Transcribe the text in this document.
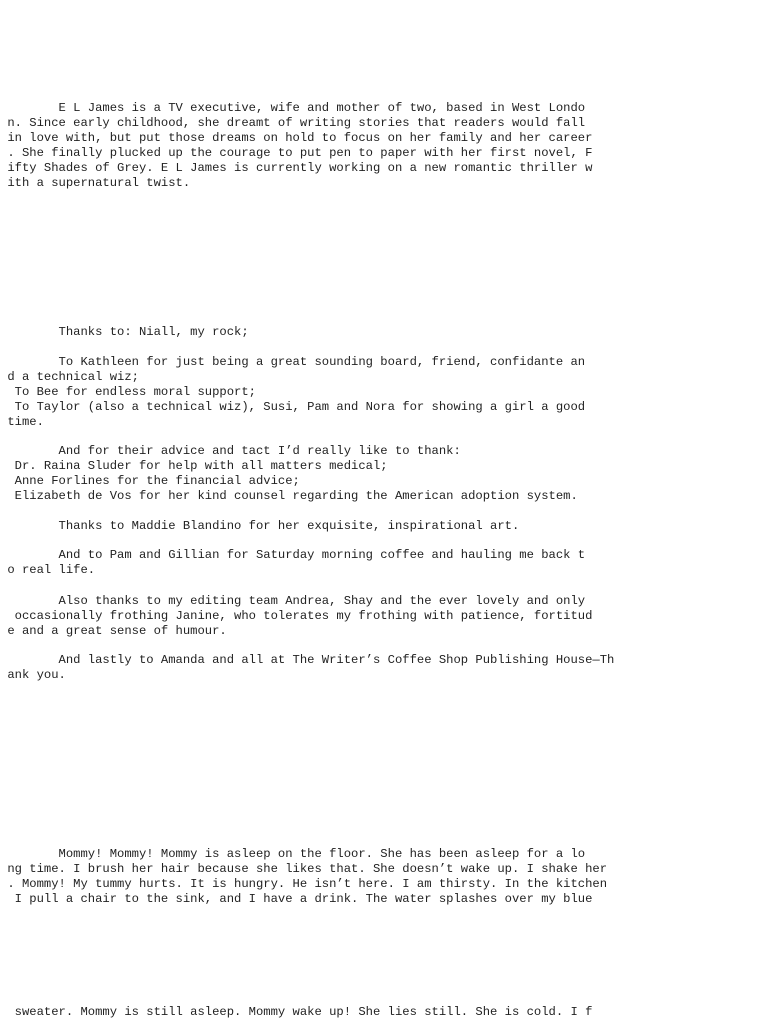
E L James is a TV executive, wife and mother of two, based in West Londo
n. Since early childhood, she dreamt of writing stories that readers would fall
in love with, but put those dreams on hold to focus on her family and her career
. She finally plucked up the courage to put pen to paper with her first novel, F
ifty Shades of Grey. E L James is currently working on a new romantic thriller w
ith a supernatural twist.
Thanks to: Niall, my rock;
To Kathleen for just being a great sounding board, friend, confidante an
d a technical wiz;
To Bee for endless moral support;
To Taylor (also a technical wiz), Susi, Pam and Nora for showing a girl a good
time.
And for their advice and tact I’d really like to thank:
Dr. Raina Sluder for help with all matters medical;
Anne Forlines for the financial advice;
Elizabeth de Vos for her kind counsel regarding the American adoption system.
Thanks to Maddie Blandino for her exquisite, inspirational art.
And to Pam and Gillian for Saturday morning coffee and hauling me back t
o real life.
Also thanks to my editing team Andrea, Shay and the ever lovely and only
occasionally frothing Janine, who tolerates my frothing with patience, fortitud
e and a great sense of humour.
And lastly to Amanda and all at The Writer’s Coffee Shop Publishing House—Th
ank you.
Mommy! Mommy! Mommy is asleep on the floor. She has been asleep for a lo
ng time. I brush her hair because she likes that. She doesn’t wake up. I shake her
. Mommy! My tummy hurts. It is hungry. He isn’t here. I am thirsty. In the kitchen
I pull a chair to the sink, and I have a drink. The water splashes over my blue
sweater. Mommy is still asleep. Mommy wake up! She lies still. She is cold. I f
